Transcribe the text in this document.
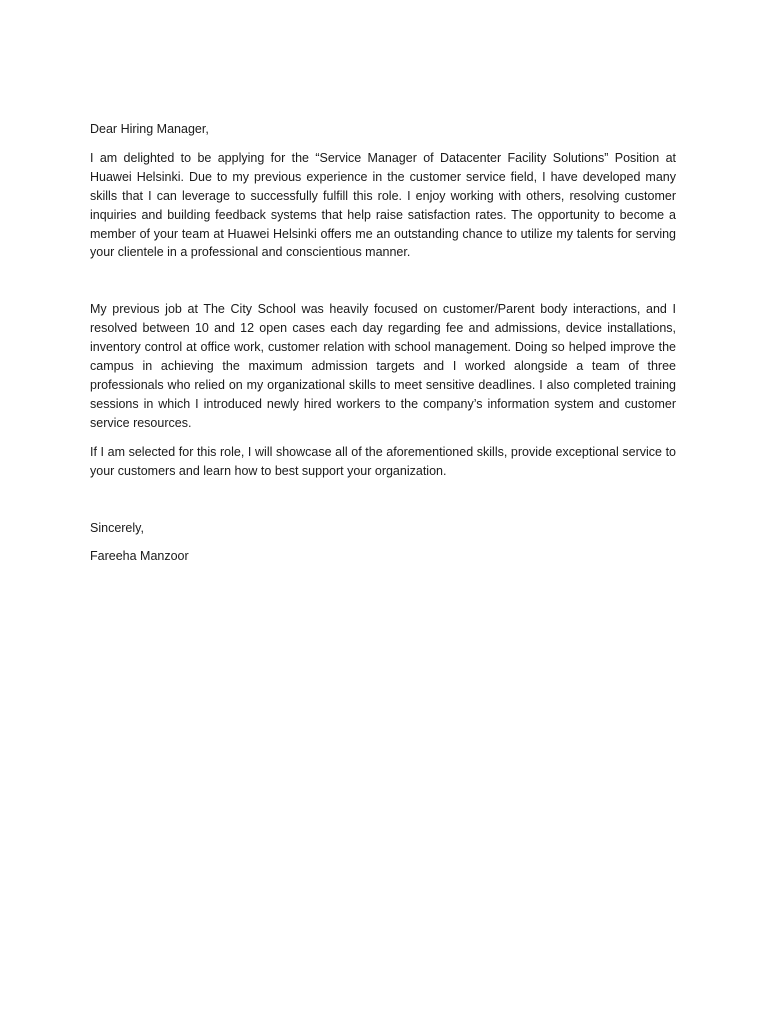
Dear Hiring Manager,

I am delighted to be applying for the “Service Manager of Datacenter Facility Solutions” Position at Huawei Helsinki. Due to my previous experience in the customer service field, I have developed many skills that I can leverage to successfully fulfill this role. I enjoy working with others, resolving customer inquiries and building feedback systems that help raise satisfaction rates. The opportunity to become a member of your team at Huawei Helsinki offers me an outstanding chance to utilize my talents for serving your clientele in a professional and conscientious manner.

My previous job at The City School was heavily focused on customer/Parent body interactions, and I resolved between 10 and 12 open cases each day regarding fee and admissions, device installations, inventory control at office work, customer relation with school management. Doing so helped improve the campus in achieving the maximum admission targets and I worked alongside a team of three professionals who relied on my organizational skills to meet sensitive deadlines. I also completed training sessions in which I introduced newly hired workers to the company’s information system and customer service resources.

If I am selected for this role, I will showcase all of the aforementioned skills, provide exceptional service to your customers and learn how to best support your organization.

Sincerely,

Fareeha Manzoor
